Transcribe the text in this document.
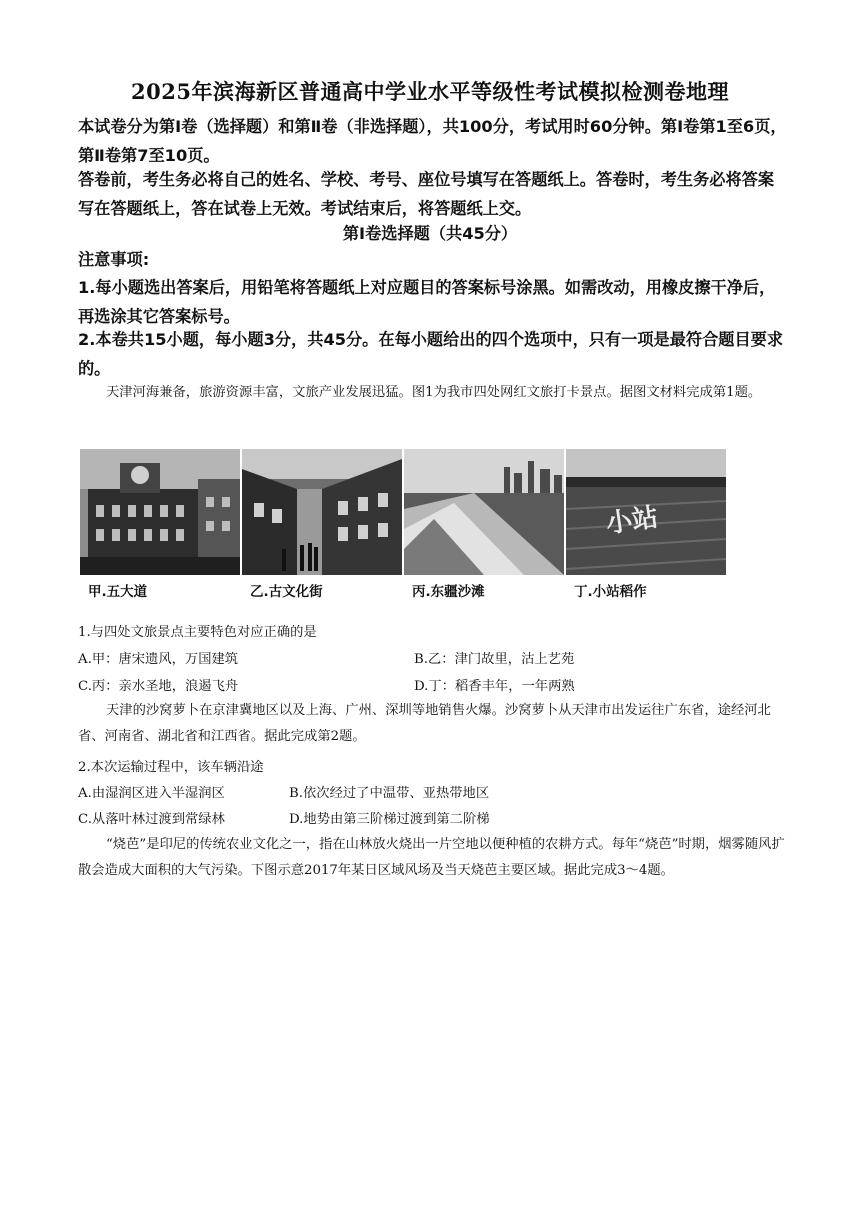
2025年滨海新区普通高中学业水平等级性考试模拟检测卷地理

本试卷分为第Ⅰ卷（选择题）和第Ⅱ卷（非选择题），共100分，考试用时60分钟。第Ⅰ卷第1至6页，第Ⅱ卷第7至10页。

答卷前，考生务必将自己的姓名、学校、考号、座位号填写在答题纸上。答卷时，考生务必将答案写在答题纸上，答在试卷上无效。考试结束后，将答题纸上交。

第Ⅰ卷选择题（共45分）

注意事项:

1.每小题选出答案后，用铅笔将答题纸上对应题目的答案标号涂黑。如需改动，用橡皮擦干净后，再选涂其它答案标号。

2.本卷共15小题，每小题3分，共45分。在每小题给出的四个选项中，只有一项是最符合题目要求的。

天津河海兼备，旅游资源丰富，文旅产业发展迅猛。图1为我市四处网红文旅打卡景点。据图文材料完成第1题。

小站
甲.五大道	乙.古文化街	丙.东疆沙滩	丁.小站稻作
1.与四处文旅景点主要特色对应正确的是
A.甲：唐宋遗风，万国建筑	B.乙：津门故里，沽上艺苑
C.丙：亲水圣地，浪遏飞舟	D.丁：稻香丰年，一年两熟

天津的沙窝萝卜在京津冀地区以及上海、广州、深圳等地销售火爆。沙窝萝卜从天津市出发运往广东省，途经河北省、河南省、湖北省和江西省。据此完成第2题。

2.本次运输过程中，该车辆沿途
A.由湿润区进入半湿润区	B.依次经过了中温带、亚热带地区
C.从落叶林过渡到常绿林	D.地势由第三阶梯过渡到第二阶梯

“烧芭”是印尼的传统农业文化之一，指在山林放火烧出一片空地以便种植的农耕方式。每年“烧芭”时期，烟雾随风扩散会造成大面积的大气污染。下图示意2017年某日区域风场及当天烧芭主要区域。据此完成3～4题。
